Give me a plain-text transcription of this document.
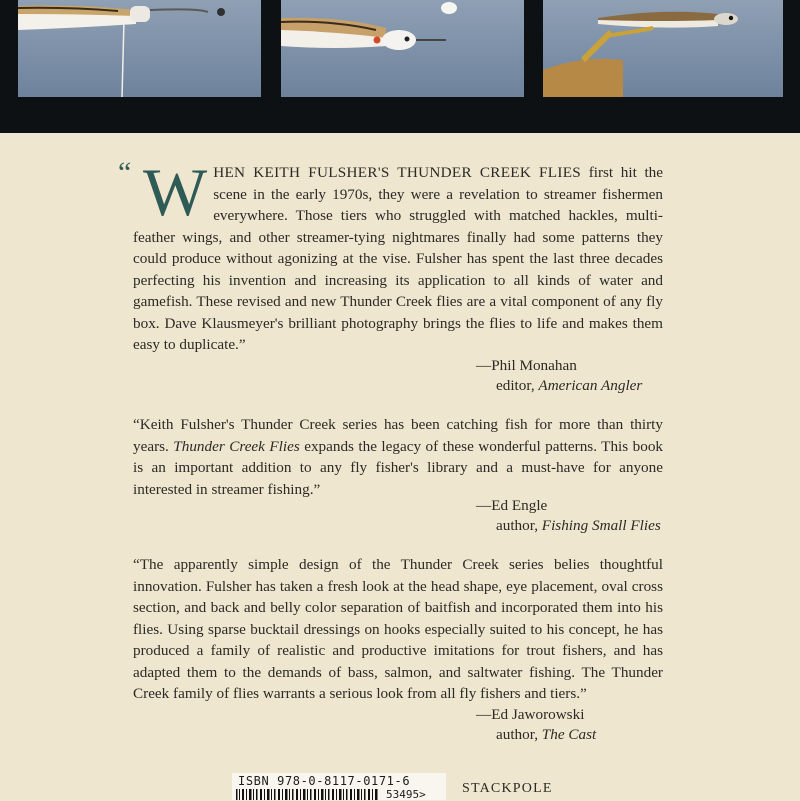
“ W HEN KEITH FULSHER'S THUNDER CREEK FLIES first hit the scene in the early 1970s, they were a revelation to streamer fishermen everywhere. Those tiers who struggled with matched hackles, multi-feather wings, and other streamer-tying nightmares finally had some patterns they could produce without agonizing at the vise. Fulsher has spent the last three decades perfecting his invention and increasing its application to all kinds of water and gamefish. These revised and new Thunder Creek flies are a vital component of any fly box. Dave Klausmeyer's brilliant photography brings the flies to life and makes them easy to duplicate.”
—Phil Monahan
editor, American Angler
“Keith Fulsher's Thunder Creek series has been catching fish for more than thirty years. Thunder Creek Flies expands the legacy of these wonderful patterns. This book is an important addition to any fly fisher's library and a must-have for anyone interested in streamer fishing.”
—Ed Engle
author, Fishing Small Flies
“The apparently simple design of the Thunder Creek series belies thoughtful innovation. Fulsher has taken a fresh look at the head shape, eye placement, oval cross section, and back and belly color separation of baitfish and incorporated them into his flies. Using sparse bucktail dressings on hooks especially suited to his concept, he has produced a family of realistic and productive imitations for trout fishers, and has adapted them to the demands of bass, salmon, and saltwater fishing. The Thunder Creek family of flies warrants a serious look from all fly fishers and tiers.”
—Ed Jaworowski
author, The Cast
ISBN 978-0-8117-0171-6
53495>	STACKPOLE
